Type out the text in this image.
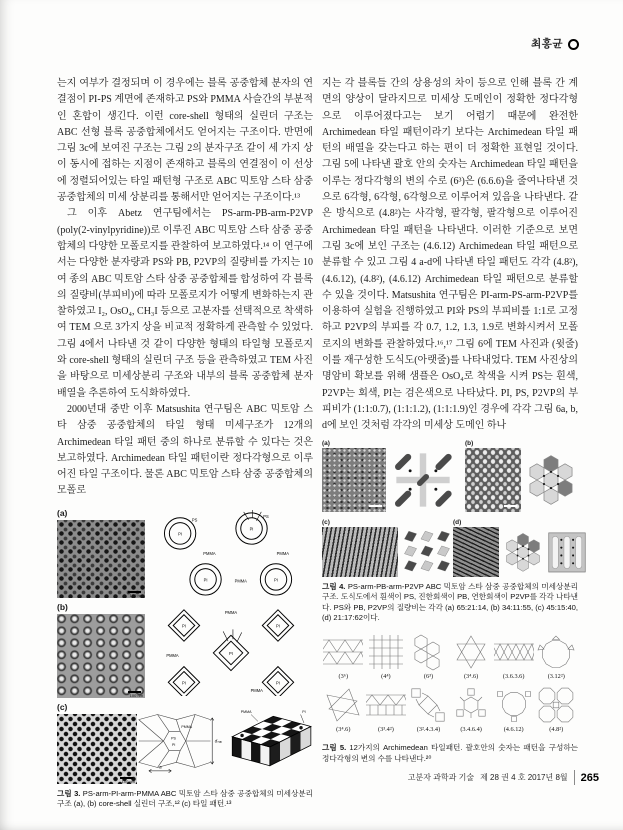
최홍균

는지 여부가 결정되며 이 경우에는 블록 공중합체 분자의 연결점이 PI-PS 계면에 존재하고 PS와 PMMA 사슬간의 부분적인 혼합이 생긴다. 이런 core-shell 형태의 실린더 구조는 ABC 선형 블록 공중합체에서도 얻어지는 구조이다. 반면에 그림 3c에 보여진 구조는 그림 2의 분자구조 같이 세 가지 상이 동시에 접하는 지점이 존재하고 블록의 연결점이 이 선상에 정렬되어있는 타일 패턴형 구조로 ABC 믹토암 스타 삼중 공중합체의 미세 상분리를 통해서만 얻어지는 구조이다.¹³

그 이후 Abetz 연구팀에서는 PS-arm-PB-arm-P2VP (poly(2-vinylpyridine))로 이루진 ABC 믹토암 스타 삼중 공중합체의 다양한 모폴로지를 관찰하여 보고하였다.¹⁴ 이 연구에서는 다양한 분자량과 PS와 PB, P2VP의 질량비를 가지는 10여 종의 ABC 믹토암 스타 삼중 공중합체를 합성하여 각 블록의 질량비(부피비)에 따라 모폴로지가 어떻게 변화하는지 관찰하였고 I₂, OsO₄, CH₃I 등으로 고분자를 선택적으로 착색하여 TEM 으로 3가지 상을 비교적 정확하게 관측할 수 있었다. 그림 4에서 나타낸 것 같이 다양한 형태의 타일형 모폴로지와 core-shell 형태의 실린더 구조 등을 관측하였고 TEM 사진을 바탕으로 미세상분리 구조와 내부의 블록 공중합체 분자 배열을 추론하여 도식화하였다.

2000년대 중반 이후 Matsushita 연구팀은 ABC 믹토암 스타 삼중 공중합체의 타일 형태 미세구조가 12개의 Archimedean 타일 패턴 중의 하나로 분류할 수 있다는 것은 보고하였다. Archimedean 타일 패턴이란 정다각형으로 이루어진 타일 구조이다. 물론 ABC 믹토암 스타 삼중 공중합체의 모폴로

(a)
100 nm
PI
PI
PI	PI
PS
PS
PMMA	PMMA
PMMA
(b)
100 nm
PI	PI
PI
PI	PI
PMMA
PMMA
PMMA
(c)
100 nm
dₘₐₓ
a
PMMA
PS
PI
PMMA	PI
그림 3. PS-arm-PI-arm-PMMA ABC 믹토암 스타 삼중 공중합체의 미세상분리 구조 (a), (b) core-shell 실린더 구조,¹² (c) 타일 패턴.¹³

지는 각 블록들 간의 상용성의 차이 등으로 인해 블록 간 계면의 양상이 달라지므로 미세상 도메인이 정확한 정다각형으로 이루어졌다고는 보기 어렵기 때문에 완전한 Archimedean 타일 패턴이라기 보다는 Archimedean 타일 패턴의 배열을 갖는다고 하는 편이 더 정확한 표현일 것이다. 그림 5에 나타낸 괄호 안의 숫자는 Archimedean 타일 패턴을 이루는 정다각형의 변의 수로 (6³)은 (6.6.6)을 줄여나타낸 것으로 6각형, 6각형, 6각형으로 이루어져 있음을 나타낸다. 같은 방식으로 (4.8²)는 사각형, 팔각형, 팔각형으로 이루어진 Archimedean 타일 패턴을 나타낸다. 이러한 기준으로 보면 그림 3c에 보인 구조는 (4.6.12) Archimedean 타일 패턴으로 분류할 수 있고 그림 4 a-d에 나타낸 타일 패턴도 각각 (4.8²), (4.6.12), (4.8²), (4.6.12) Archimedean 타일 패턴으로 분류할 수 있을 것이다. Matsushita 연구팀은 PI-arm-PS-arm-P2VP를 이용하여 실험을 진행하였고 PI와 PS의 부피비를 1:1로 고정하고 P2VP의 부피를 각 0.7, 1.2, 1.3, 1.9로 변화시켜서 모폴로지의 변화를 관찰하였다.¹⁶,¹⁷ 그림 6에 TEM 사진과 (윗줄) 이를 재구성한 도식도(아랫줄)를 나타내었다. TEM 사진상의 명암비 확보를 위해 샘플은 OsO₄로 착색을 시켜 PS는 흰색, P2VP는 회색, PI는 검은색으로 나타났다. PI, PS, P2VP의 부피비가 (1:1:0.7), (1:1:1.2), (1:1:1.9)인 경우에 각각 그림 6a, b, d에 보인 것처럼 각각의 미세상 도메인 하나

(a)	(b)
(c)	(d)
그림 4. PS-arm-PB-arm-P2VP ABC 믹토암 스타 삼중 공중합체의 미세상분리 구조. 도식도에서 흰색이 PS, 진한회색이 PB, 연한회색이 P2VP를 각각 나타낸다. PS와 PB, P2VP의 질량비는 각각 (a) 65:21:14, (b) 34:11:55, (c) 45:15:40, (d) 21:17:62이다.
(3⁶)	(4⁴)	(6³)	(3⁴.6)	(3.6.3.6)	(3.12²)
(3⁴.6)	(3³.4²)	(3².4.3.4)	(3.4.6.4)	(4.6.12)	(4.8²)
그림 5. 12가지의 Archimedean 타일패턴. 괄호안의 숫자는 패턴을 구성하는 정다각형의 변의 수를 나타낸다.²⁰
고분자 과학과 기술 제 28 권 4 호 2017년 8월 265
